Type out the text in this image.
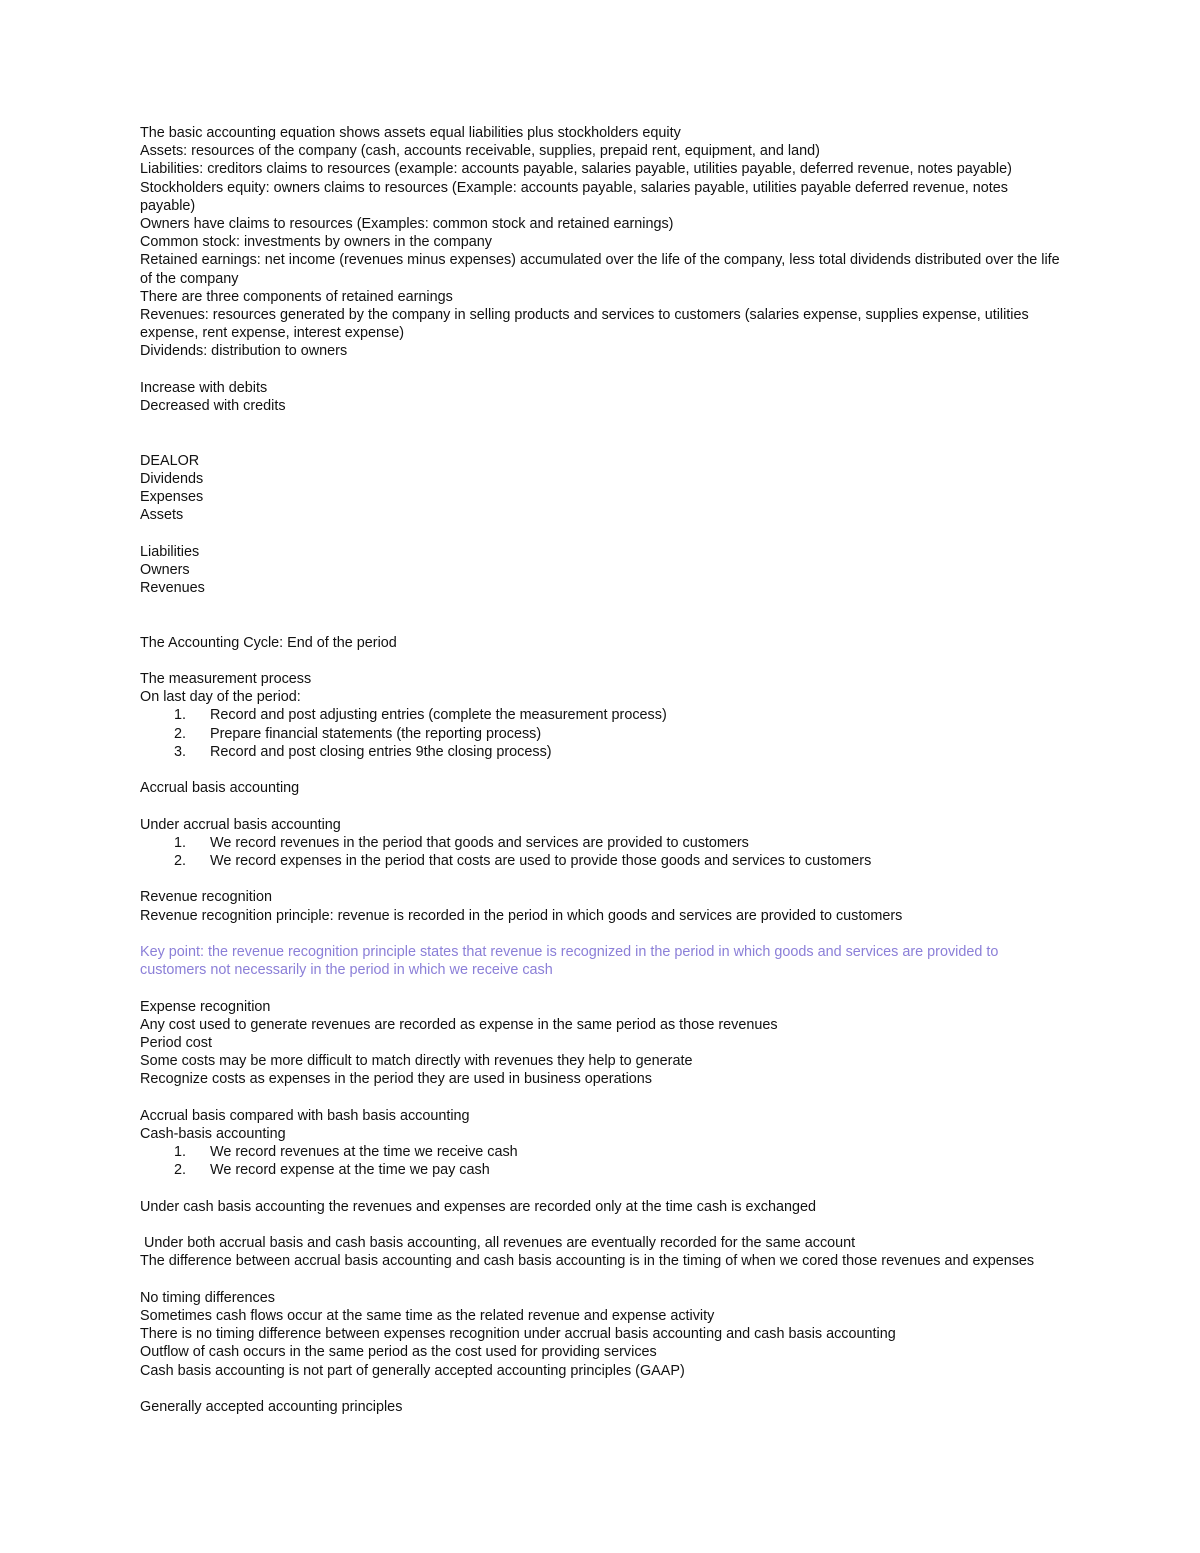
The basic accounting equation shows assets equal liabilities plus stockholders equity
Assets: resources of the company (cash, accounts receivable, supplies, prepaid rent, equipment, and land)
Liabilities: creditors claims to resources (example: accounts payable, salaries payable, utilities payable, deferred revenue, notes payable)
Stockholders equity: owners claims to resources (Example: accounts payable, salaries payable, utilities payable deferred revenue, notes payable)
Owners have claims to resources (Examples: common stock and retained earnings)
Common stock: investments by owners in the company
Retained earnings: net income (revenues minus expenses) accumulated over the life of the company, less total dividends distributed over the life of the company
There are three components of retained earnings
Revenues: resources generated by the company in selling products and services to customers (salaries expense, supplies expense, utilities expense, rent expense, interest expense)
Dividends: distribution to owners
Increase with debits
Decreased with credits
DEALOR
Dividends
Expenses
Assets
Liabilities
Owners
Revenues
The Accounting Cycle: End of the period
The measurement process
On last day of the period:
1. Record and post adjusting entries (complete the measurement process)
2. Prepare financial statements (the reporting process)
3. Record and post closing entries 9the closing process)
Accrual basis accounting
Under accrual basis accounting
1. We record revenues in the period that goods and services are provided to customers
2. We record expenses in the period that costs are used to provide those goods and services to customers
Revenue recognition
Revenue recognition principle: revenue is recorded in the period in which goods and services are provided to customers
Key point: the revenue recognition principle states that revenue is recognized in the period in which goods and services are provided to customers not necessarily in the period in which we receive cash
Expense recognition
Any cost used to generate revenues are recorded as expense in the same period as those revenues
Period cost
Some costs may be more difficult to match directly with revenues they help to generate
Recognize costs as expenses in the period they are used in business operations
Accrual basis compared with bash basis accounting
Cash-basis accounting
1. We record revenues at the time we receive cash
2. We record expense at the time we pay cash
Under cash basis accounting the revenues and expenses are recorded only at the time cash is exchanged
Under both accrual basis and cash basis accounting, all revenues are eventually recorded for the same account
The difference between accrual basis accounting and cash basis accounting is in the timing of when we cored those revenues and expenses
No timing differences
Sometimes cash flows occur at the same time as the related revenue and expense activity
There is no timing difference between expenses recognition under accrual basis accounting and cash basis accounting
Outflow of cash occurs in the same period as the cost used for providing services
Cash basis accounting is not part of generally accepted accounting principles (GAAP)
Generally accepted accounting principles
